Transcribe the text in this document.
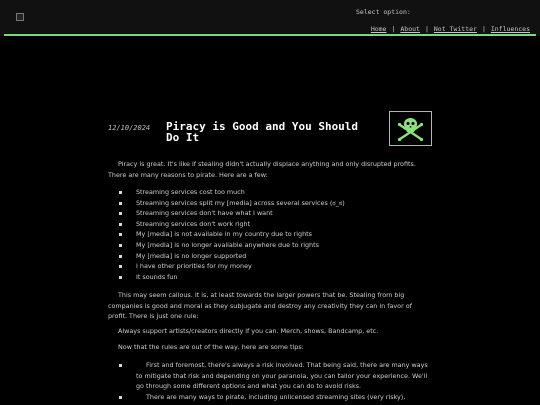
Select option:
Home | About | Not Twitter | Influences
12/10/2024 Piracy is Good and You Should Do It

Piracy is great. It's like if stealing didn't actually displace anything and only disrupted profits. There are many reasons to pirate. Here are a few:

Streaming services cost too much
Streaming services split my [media] across several services (ಠ_ಠ)
Streaming services don't have what I want
Streaming services don't work right
My [media] is not available in my country due to rights
My [media] is no longer available anywhere due to rights
My [media] is no longer supported
I have other priorities for my money
It sounds fun

This may seem callous. It is, at least towards the larger powers that be. Stealing from big companies is good and moral as they subjugate and destroy any creativity they can in favor of profit. There is just one rule:

Always support artists/creators directly if you can. Merch, shows, Bandcamp, etc.

Now that the rules are out of the way, here are some tips:

First and foremost, there's always a risk involved. That being said, there are many ways to mitigate that risk and depending on your paranoia, you can tailor your experience. We'll go through some different options and what you can do to avoid risks.
There are many ways to pirate, including unlicensed streaming sites (very risky),
